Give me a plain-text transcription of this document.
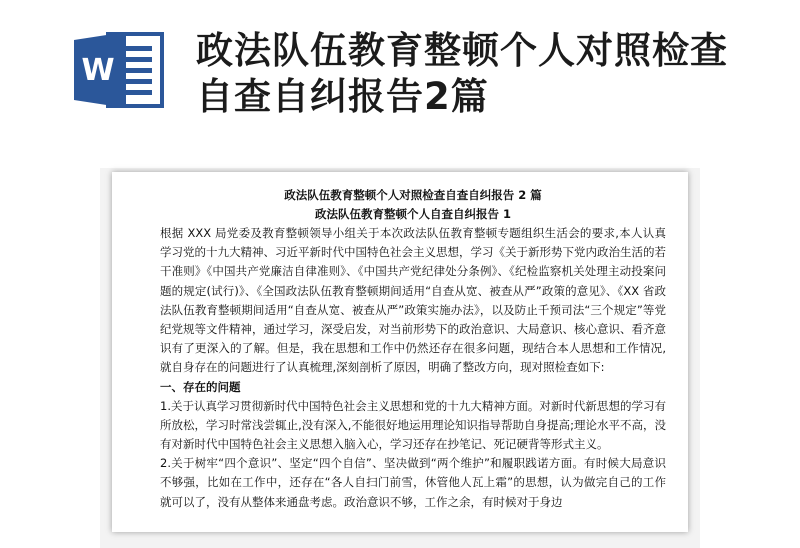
W 政法队伍教育整顿个人对照检查自查自纠报告2篇

政法队伍教育整顿个人对照检查自查自纠报告 2 篇

政法队伍教育整顿个人自查自纠报告 1

根据 XXX 局党委及教育整顿领导小组关于本次政法队伍教育整顿专题组织生活会的要求,本人认真学习党的十九大精神、习近平新时代中国特色社会主义思想，学习《关于新形势下党内政治生活的若干准则》《中国共产党廉洁自律准则》、《中国共产党纪律处分条例》、《纪检监察机关处理主动投案问题的规定(试行)》、《全国政法队伍教育整顿期间适用“自查从宽、被查从严”政策的意见》、《XX 省政法队伍教育整顿期间适用“自查从宽、被查从严”政策实施办法》，以及防止千预司法“三个规定”等党纪党规等文件精神，通过学习，深受启发，对当前形势下的政治意识、大局意识、核心意识、看齐意识有了更深入的了解。但是，我在思想和工作中仍然还存在很多问题，现结合本人思想和工作情况,就自身存在的问题进行了认真梳理,深刻剖析了原因，明确了整改方向，现对照检查如下:

一、存在的问题

1.关于认真学习贯彻新时代中国特色社会主义思想和党的十九大精神方面。对新时代新思想的学习有所放松，学习时常浅尝辄止,没有深入,不能很好地运用理论知识指导帮助自身提高;理论水平不高，没有对新时代中国特色社会主义思想入脑入心，学习还存在抄笔记、死记硬背等形式主义。

2.关于树牢“四个意识”、坚定“四个自信”、坚决做到“两个维护”和履职践诺方面。有时候大局意识不够强，比如在工作中，还存在“各人自扫门前雪，休管他人瓦上霜”的思想，认为做完自己的工作就可以了，没有从整体来通盘考虑。政治意识不够，工作之余，有时候对于身边
